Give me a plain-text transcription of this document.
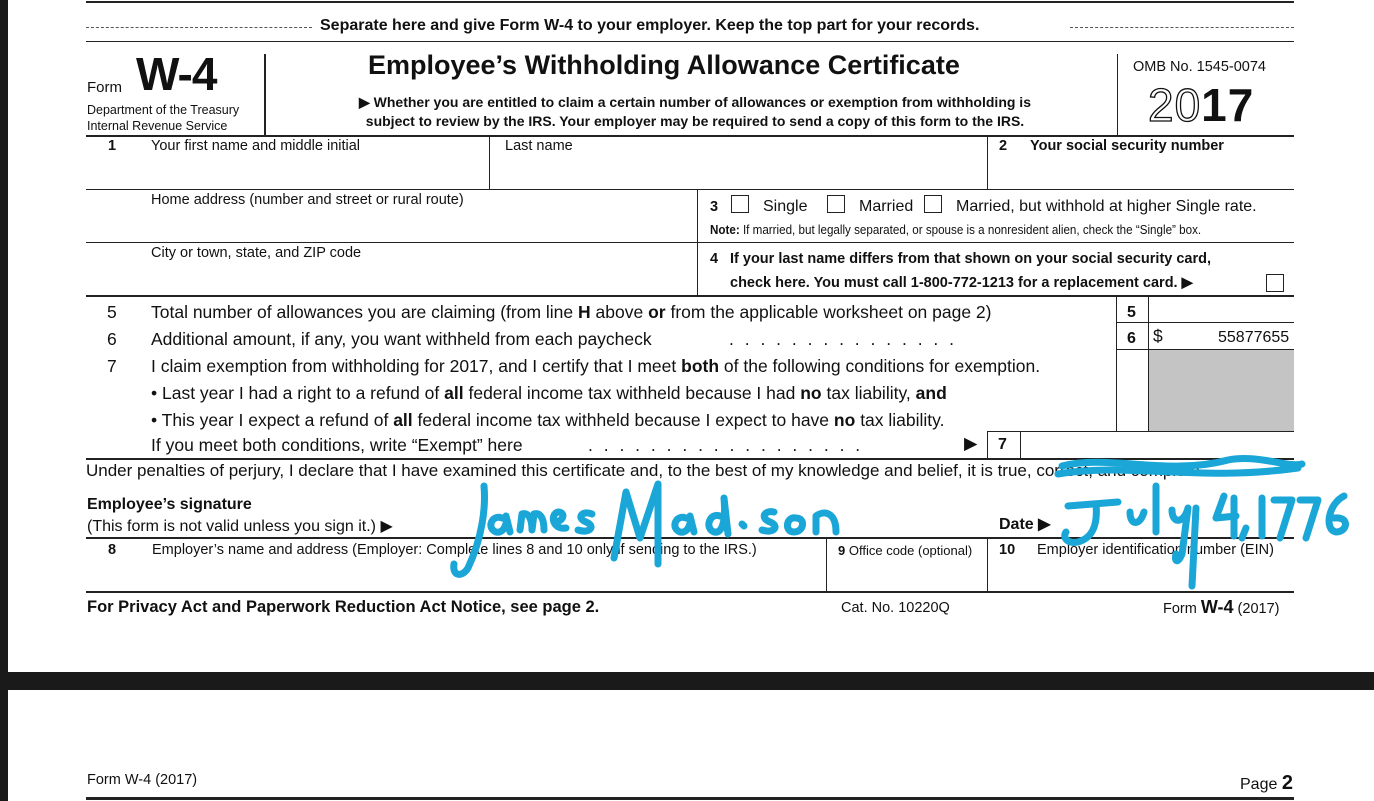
Separate here and give Form W-4 to your employer. Keep the top part for your records.
Form W-4
Department of the Treasury
Internal Revenue Service
Employee’s Withholding Allowance Certificate
▶ Whether you are entitled to claim a certain number of allowances or exemption from withholding is
subject to review by the IRS. Your employer may be required to send a copy of this form to the IRS.
OMB No. 1545-0074
2017
1 Your first name and middle initial	Last name	2 Your social security number
Home address (number and street or rural route)	3	Single	Married	Married, but withhold at higher Single rate.
Note: If married, but legally separated, or spouse is a nonresident alien, check the “Single” box.
City or town, state, and ZIP code	4 If your last name differs from that shown on your social security card,
check here. You must call 1-800-772-1213 for a replacement card. ▶
5 Total number of allowances you are claiming (from line H above or from the applicable worksheet on page 2)	5
6 Additional amount, if any, you want withheld from each paycheck	. . . . . . . . . . . . . . .	6 $	55877655
7 I claim exemption from withholding for 2017, and I certify that I meet both of the following conditions for exemption.
• Last year I had a right to a refund of all federal income tax withheld because I had no tax liability, and
• This year I expect a refund of all federal income tax withheld because I expect to have no tax liability.
If you meet both conditions, write “Exempt” here	. . . . . . . . . . . . . . . . . .	▶ 7
Under penalties of perjury, I declare that I have examined this certificate and, to the best of my knowledge and belief, it is true, correct, and complete.
Employee’s signature
(This form is not valid unless you sign it.) ▶	Date ▶
8 Employer’s name and address (Employer: Complete lines 8 and 10 only if sending to the IRS.)	9 Office code (optional) 10 Employer identification number (EIN)
For Privacy Act and Paperwork Reduction Act Notice, see page 2.	Cat. No. 10220Q	Form W-4 (2017)
Form W-4 (2017)	Page 2
